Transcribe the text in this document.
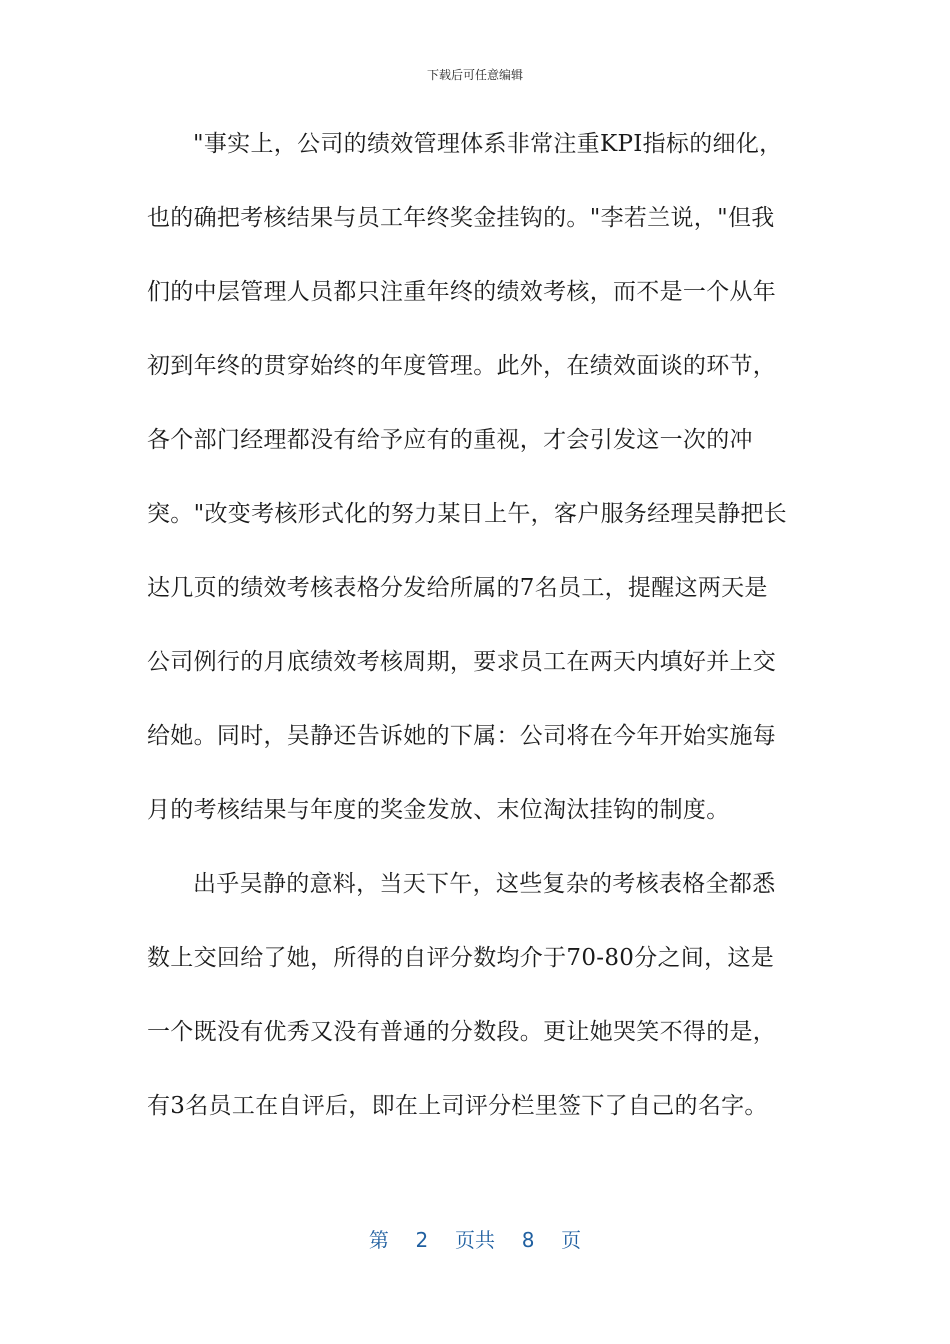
下载后可任意编辑
"事实上，公司的绩效管理体系非常注重KPI指标的细化，
也的确把考核结果与员工年终奖金挂钩的。"李若兰说，"但我
们的中层管理人员都只注重年终的绩效考核，而不是一个从年
初到年终的贯穿始终的年度管理。此外，在绩效面谈的环节，
各个部门经理都没有给予应有的重视，才会引发这一次的冲
突。"改变考核形式化的努力某日上午，客户服务经理吴静把长
达几页的绩效考核表格分发给所属的7名员工，提醒这两天是
公司例行的月底绩效考核周期，要求员工在两天内填好并上交
给她。同时，吴静还告诉她的下属：公司将在今年开始实施每
月的考核结果与年度的奖金发放、末位淘汰挂钩的制度。
出乎吴静的意料，当天下午，这些复杂的考核表格全都悉
数上交回给了她，所得的自评分数均介于70-80分之间，这是
一个既没有优秀又没有普通的分数段。更让她哭笑不得的是，
有3名员工在自评后，即在上司评分栏里签下了自己的名字。
第 2 页共 8 页
